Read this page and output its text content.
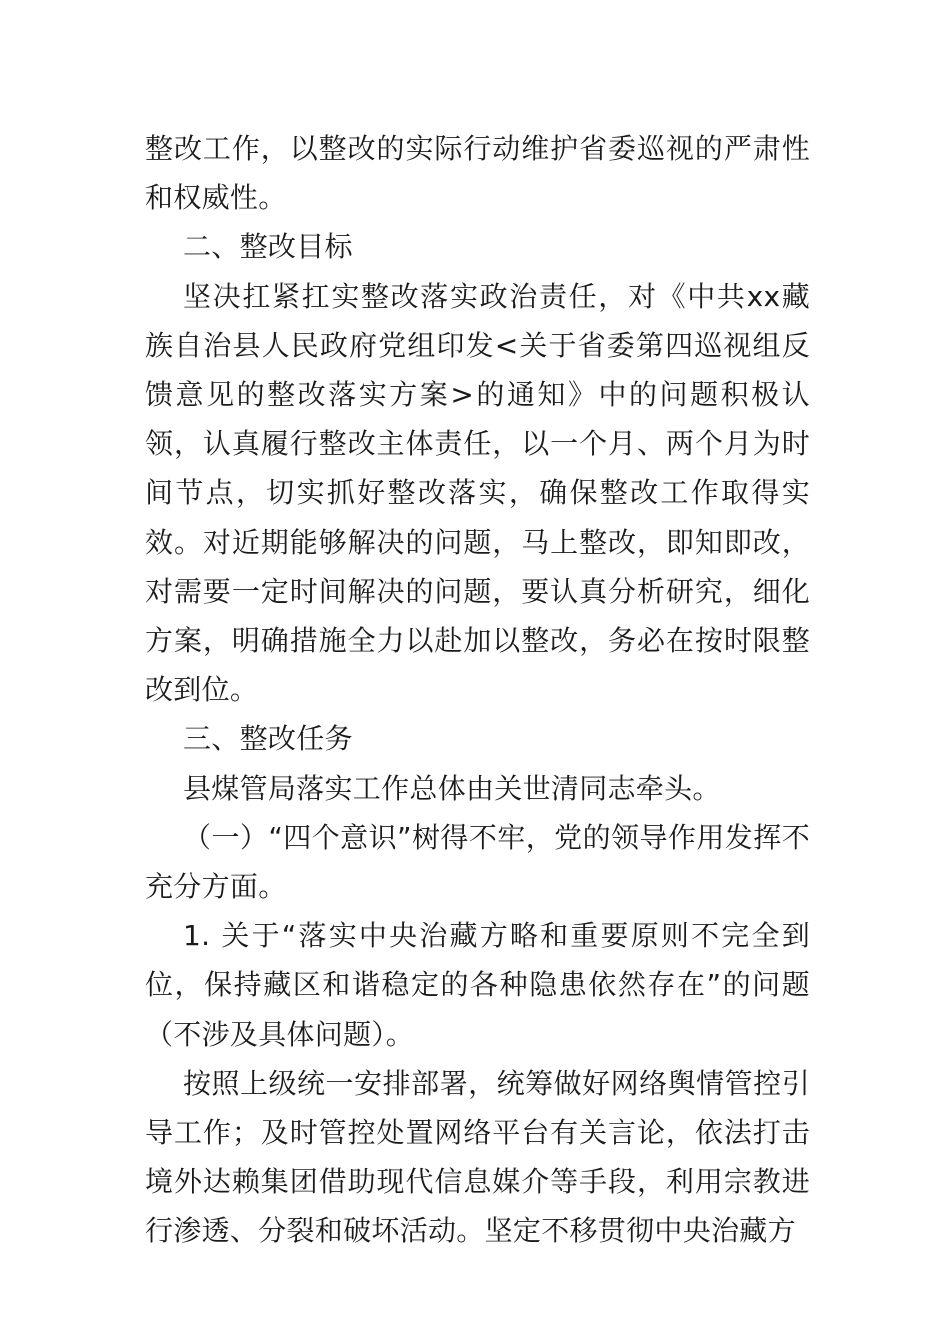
整改工作，以整改的实际行动维护省委巡视的严肃性和权威性。

二、整改目标

坚决扛紧扛实整改落实政治责任，对《中共xx藏族自治县人民政府党组印发<关于省委第四巡视组反馈意见的整改落实方案>的通知》中的问题积极认领，认真履行整改主体责任，以一个月、两个月为时间节点，切实抓好整改落实，确保整改工作取得实效。对近期能够解决的问题，马上整改，即知即改，对需要一定时间解决的问题，要认真分析研究，细化方案，明确措施全力以赴加以整改，务必在按时限整改到位。

三、整改任务

县煤管局落实工作总体由关世清同志牵头。

（一）“四个意识”树得不牢，党的领导作用发挥不充分方面。

1. 关于“落实中央治藏方略和重要原则不完全到位，保持藏区和谐稳定的各种隐患依然存在”的问题（不涉及具体问题）。

按照上级统一安排部署，统筹做好网络舆情管控引导工作；及时管控处置网络平台有关言论，依法打击境外达赖集团借助现代信息媒介等手段，利用宗教进行渗透、分裂和破坏活动。坚定不移贯彻中央治藏方
